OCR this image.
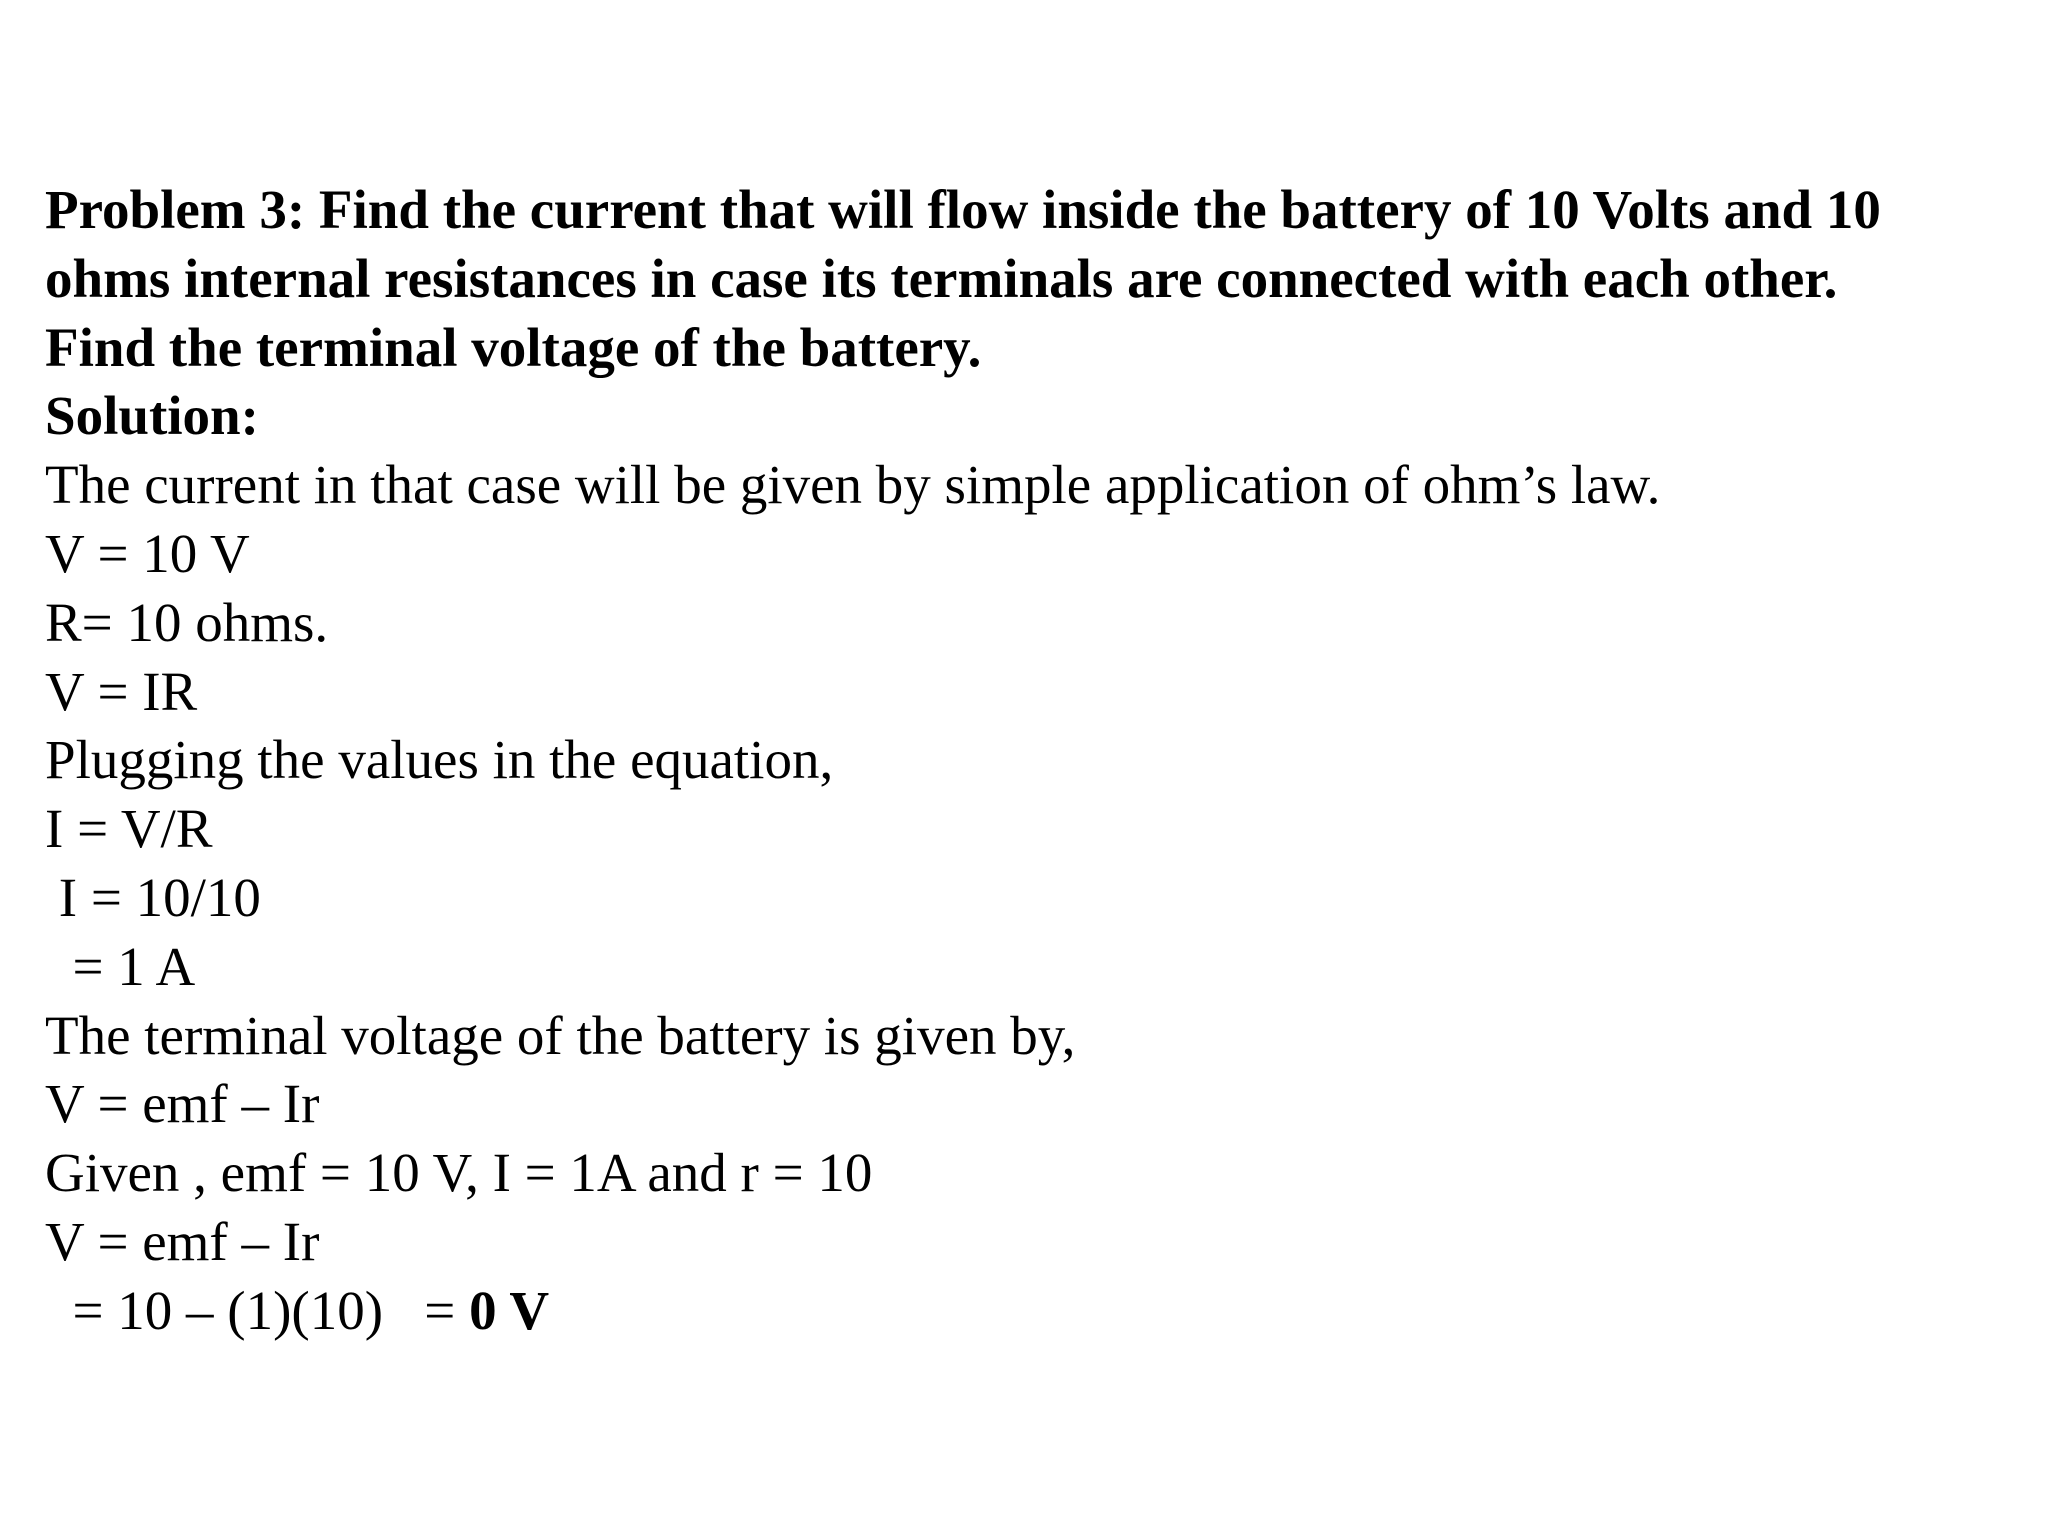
Problem 3: Find the current that will flow inside the battery of 10 Volts and 10
ohms internal resistances in case its terminals are connected with each other.
Find the terminal voltage of the battery.
Solution:
The current in that case will be given by simple application of ohm’s law.
V = 10 V
R= 10 ohms.
V = IR
Plugging the values in the equation,
I = V/R
I = 10/10
= 1 A
The terminal voltage of the battery is given by,
V = emf – Ir
Given , emf = 10 V, I = 1A and r = 10
V = emf – Ir
= 10 – (1)(10)   = 0 V
